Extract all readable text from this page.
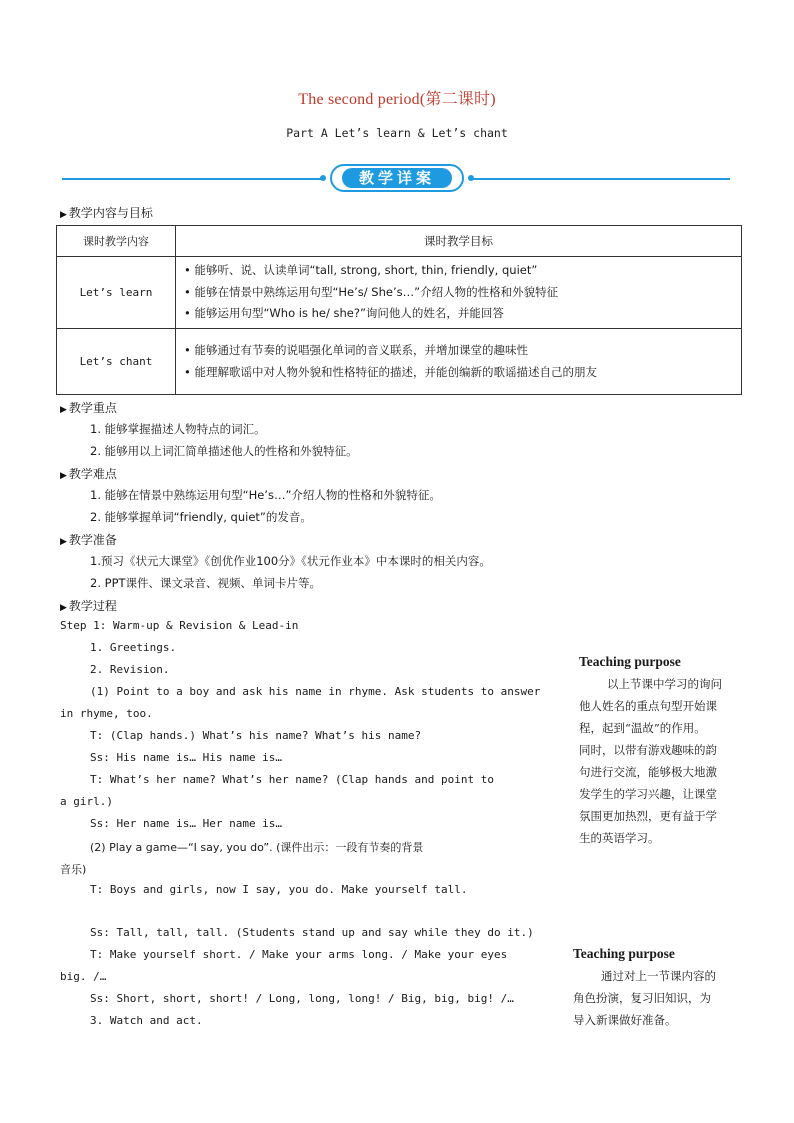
The second period(第二课时)
Part A Let’s learn & Let’s chant
教学详案
▶ 教学内容与目标
课时教学内容	课时教学目标
Let’s learn	• 能够听、说、认读单词“tall, strong, short, thin, friendly, quiet”
• 能够在情景中熟练运用句型“He’s/ She’s…”介绍人物的性格和外貌特征
• 能够运用句型“Who is he/ she?”询问他人的姓名，并能回答

Let’s chant	• 能够通过有节奏的说唱强化单词的音义联系，并增加课堂的趣味性
• 能理解歌谣中对人物外貌和性格特征的描述，并能创编新的歌谣描述自己的朋友
▶ 教学重点
1. 能够掌握描述人物特点的词汇。
2. 能够用以上词汇简单描述他人的性格和外貌特征。
▶ 教学难点
1. 能够在情景中熟练运用句型“He’s…”介绍人物的性格和外貌特征。
2. 能够掌握单词“friendly, quiet”的发音。
▶ 教学准备
1.预习《状元大课堂》《创优作业100分》《状元作业本》中本课时的相关内容。
2. PPT课件、课文录音、视频、单词卡片等。
▶ 教学过程
Step 1: Warm-up & Revision & Lead-in
1. Greetings.
2. Revision.
(1) Point to a boy and ask his name in rhyme. Ask students to answer
in rhyme, too.
T: (Clap hands.) What’s his name? What’s his name?
Ss: His name is… His name is…
T: What’s her name? What’s her name? (Clap hands and point to
a girl.)
Ss: Her name is… Her name is…
(2) Play a game—“I say, you do”. (课件出示：一段有节奏的背景
音乐)
T: Boys and girls, now I say, you do. Make yourself tall.
Ss: Tall, tall, tall. (Students stand up and say while they do it.)
T: Make yourself short. / Make your arms long. / Make your eyes
big. /…
Ss: Short, short, short! / Long, long, long! / Big, big, big! /…
3. Watch and act.
Teaching purpose
以上节课中学习的询问
他人姓名的重点句型开始课
程，起到“温故”的作用。
同时，以带有游戏趣味的韵
句进行交流，能够极大地激
发学生的学习兴趣，让课堂
氛围更加热烈，更有益于学
生的英语学习。
Teaching purpose
通过对上一节课内容的
角色扮演，复习旧知识，为
导入新课做好准备。
